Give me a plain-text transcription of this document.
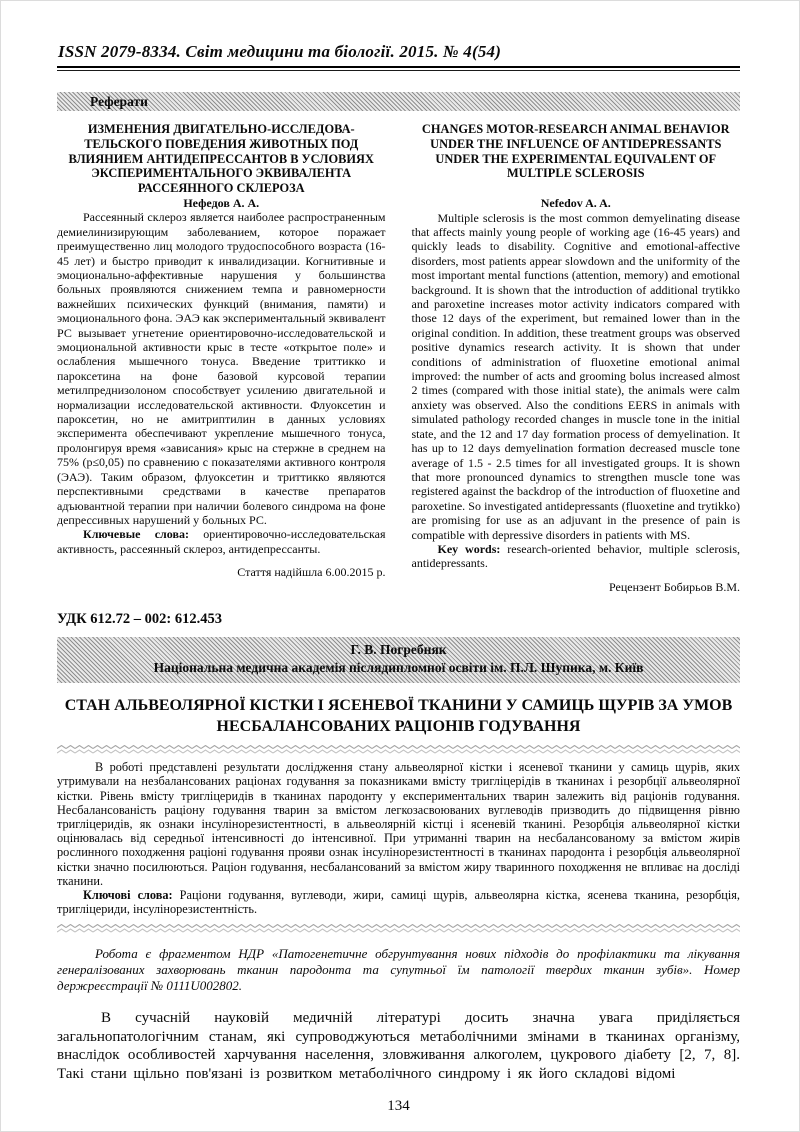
ISSN 2079-8334. Світ медицини та біології. 2015. № 4(54)
Реферати

ИЗМЕНЕНИЯ ДВИГАТЕЛЬНО-ИССЛЕДОВА-ТЕЛЬСКОГО ПОВЕДЕНИЯ ЖИВОТНЫХ ПОД ВЛИЯНИЕМ АНТИДЕПРЕССАНТОВ В УСЛОВИЯХ ЭКСПЕРИМЕНТАЛЬНОГО ЭКВИВАЛЕНТА РАССЕЯННОГО СКЛЕРОЗА

Нефедов А. А.

Рассеянный склероз является наиболее распространенным демиелинизирующим заболеванием, которое поражает преимущественно лиц молодого трудоспособного возраста (16-45 лет) и быстро приводит к инвалидизации. Когнитивные и эмоционально-аффективные нарушения у большинства больных проявляются снижением темпа и равномерности важнейших психических функций (внимания, памяти) и эмоционального фона. ЭАЭ как экспериментальный эквивалент РС вызывает угнетение ориентировочно-исследовательской и эмоциональной активности крыс в тесте «открытое поле» и ослабления мышечного тонуса. Введение триттикко и пароксетина на фоне базовой курсовой терапии метилпреднизолоном способствует усилению двигательной и нормализации исследовательской активности. Флуоксетин и пароксетин, но не амитриптилин в данных условиях эксперимента обеспечивают укрепление мышечного тонуса, пролонгируя время «зависания» крыс на стержне в среднем на 75% (р≤0,05) по сравнению с показателями активного контроля (ЭАЭ). Таким образом, флуоксетин и триттикко являются перспективными средствами в качестве препаратов адъювантной терапии при наличии болевого синдрома на фоне депрессивных нарушений у больных РС.

Ключевые слова: ориентировочно-исследовательская активность, рассеянный склероз, антидепрессанты.

Стаття надійшла 6.00.2015 р.

CHANGES MOTOR-RESEARCH ANIMAL BEHAVIOR UNDER THE INFLUENCE OF ANTIDEPRESSANTS UNDER THE EXPERIMENTAL EQUIVALENT OF MULTIPLE SCLEROSIS

Nefedov A. A.

Multiple sclerosis is the most common demyelinating disease that affects mainly young people of working age (16-45 years) and quickly leads to disability. Cognitive and emotional-affective disorders, most patients appear slowdown and the uniformity of the most important mental functions (attention, memory) and emotional background. It is shown that the introduction of additional trytikko and paroxetine increases motor activity indicators compared with those 12 days of the experiment, but remained lower than in the original condition. In addition, these treatment groups was observed positive dynamics research activity. It is shown that under conditions of administration of fluoxetine emotional animal improved: the number of acts and grooming bolus increased almost 2 times (compared with those initial state), the animals were calm anxiety was observed. Also the conditions EERS in animals with simulated pathology recorded changes in muscle tone in the initial state, and the 12 and 17 day formation process of demyelination. It has up to 12 days demyelination formation decreased muscle tone average of 1.5 - 2.5 times for all investigated groups. It is shown that more pronounced dynamics to strengthen muscle tone was registered against the backdrop of the introduction of fluoxetine and paroxetine. So investigated antidepressants (fluoxetine and trytikko) are promising for use as an adjuvant in the presence of pain is compatible with depressive disorders in patients with MS.

Key words: research-oriented behavior, multiple sclerosis, antidepressants.

Рецензент Бобирьов В.М.

УДК 612.72 – 002: 612.453
Г. В. Погребняк
Національна медична академія післядипломної освіти ім. П.Л. Шупика, м. Київ
СТАН АЛЬВЕОЛЯРНОЇ КІСТКИ І ЯСЕНЕВОЇ ТКАНИНИ У САМИЦЬ ЩУРІВ ЗА УМОВ НЕСБАЛАНСОВАНИХ РАЦІОНІВ ГОДУВАННЯ

В роботі представлені результати дослідження стану альвеолярної кістки і ясеневої тканини у самиць щурів, яких утримували на незбалансованих раціонах годування за показниками вмісту тригліцерідів в тканинах і резорбції альвеолярної кістки. Рівень вмісту тригліцеридів в тканинах пародонту у експериментальних тварин залежить від раціонів годування. Несбалансованість раціону годування тварин за вмістом легкозасвоюваних вуглеводів призводить до підвищення рівню тригліцеридів, як ознаки інсулінорезистентності, в альвеолярній кістці і ясеневій тканині. Резорбція альвеолярної кістки оцінювалась від середньої інтенсивності до інтенсивної. При утриманні тварин на несбалансованому за вмістом жирів рослинного походження раціоні годування прояви ознак інсулінорезистентності в тканинах пародонта і резорбція альвеолярної кістки значно посилюються. Раціон годування, несбалансований за вмістом жиру тваринного походження не впливає на досліді тканини.

Ключові слова: Раціони годування, вуглеводи, жири, самиці щурів, альвеолярна кістка, ясенева тканина, резорбція, тригліцериди, інсулінорезистентність.

Робота є фрагментом НДР «Патогенетичне обгрунтування нових підходів до профілактики та лікування генералізованих захворювань тканин пародонта та супутньої їм патології твердих тканин зубів». Номер держреєстрації № 0111U002802.

В сучасній науковій медичній літературі досить значна увага приділяється загальнопатологічним станам, які супроводжуються метаболічними змінами в тканинах організму, внаслідок особливостей харчування населення, зловживання алкоголем, цукрового діабету [2, 7, 8]. Такі стани щільно пов'язані із розвитком метаболічного синдрому і як його складові відомі

134
